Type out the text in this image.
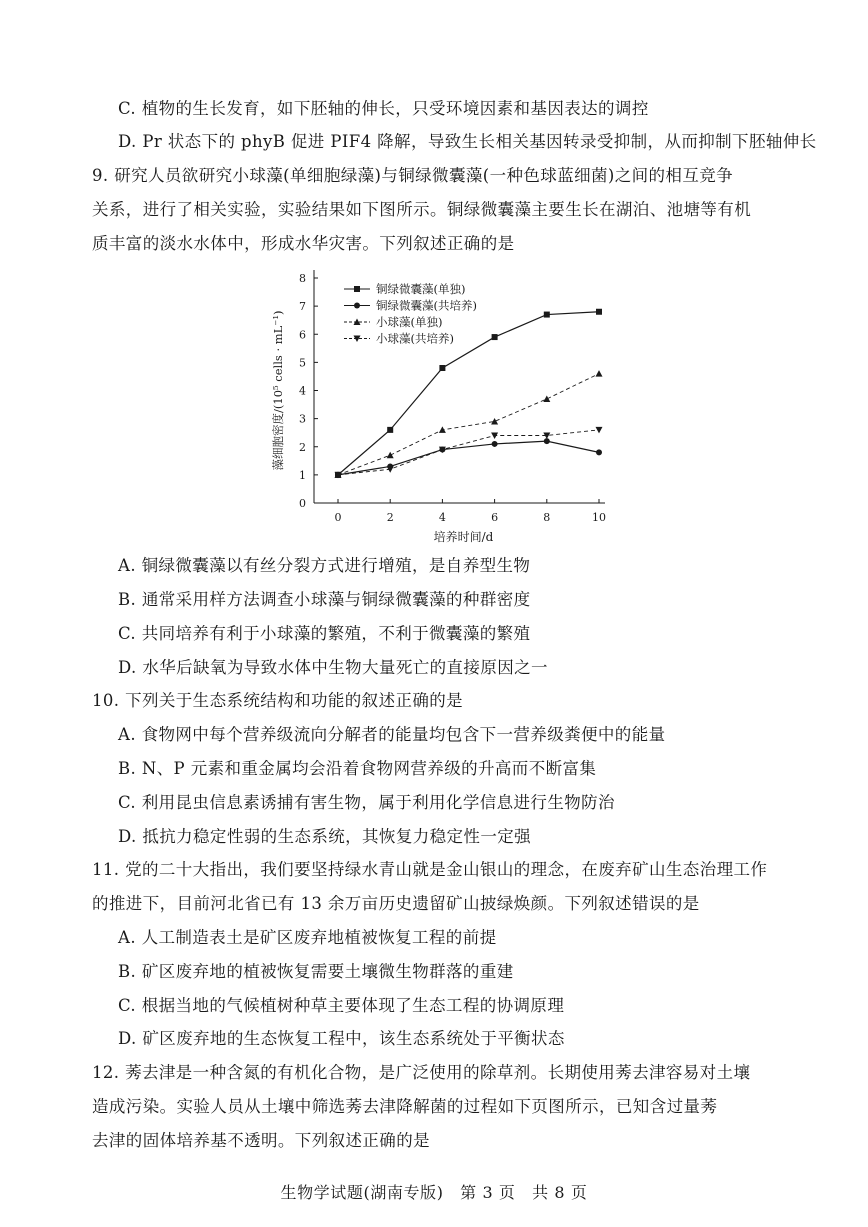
C. 植物的生长发育，如下胚轴的伸长，只受环境因素和基因表达的调控
D. Pr 状态下的 phyB 促进 PIF4 降解，导致生长相关基因转录受抑制，从而抑制下胚轴伸长
9. 研究人员欲研究小球藻(单细胞绿藻)与铜绿微囊藻(一种色球蓝细菌)之间的相互竞争
关系，进行了相关实验，实验结果如下图所示。铜绿微囊藻主要生长在湖泊、池塘等有机
质丰富的淡水水体中，形成水华灾害。下列叙述正确的是
A. 铜绿微囊藻以有丝分裂方式进行增殖，是自养型生物
B. 通常采用样方法调查小球藻与铜绿微囊藻的种群密度
C. 共同培养有利于小球藻的繁殖，不利于微囊藻的繁殖
D. 水华后缺氧为导致水体中生物大量死亡的直接原因之一
10. 下列关于生态系统结构和功能的叙述正确的是
A. 食物网中每个营养级流向分解者的能量均包含下一营养级粪便中的能量
B. N、P 元素和重金属均会沿着食物网营养级的升高而不断富集
C. 利用昆虫信息素诱捕有害生物，属于利用化学信息进行生物防治
D. 抵抗力稳定性弱的生态系统，其恢复力稳定性一定强
11. 党的二十大指出，我们要坚持绿水青山就是金山银山的理念，在废弃矿山生态治理工作
的推进下，目前河北省已有 13 余万亩历史遗留矿山披绿焕颜。下列叙述错误的是
A. 人工制造表土是矿区废弃地植被恢复工程的前提
B. 矿区废弃地的植被恢复需要土壤微生物群落的重建
C. 根据当地的气候植树种草主要体现了生态工程的协调原理
D. 矿区废弃地的生态恢复工程中，该生态系统处于平衡状态
12. 莠去津是一种含氮的有机化合物，是广泛使用的除草剂。长期使用莠去津容易对土壤
造成污染。实验人员从土壤中筛选莠去津降解菌的过程如下页图所示，已知含过量莠
去津的固体培养基不透明。下列叙述正确的是
0
1
2
3
4
5
6
7
8
0	2	4	6	8	10
培养时间/d
藻细胞密度/(10⁵ cells · mL⁻¹)
铜绿微囊藻(单独)
铜绿微囊藻(共培养)
小球藻(单独)
小球藻(共培养)
生物学试题(湖南专版)　第 3 页　共 8 页
